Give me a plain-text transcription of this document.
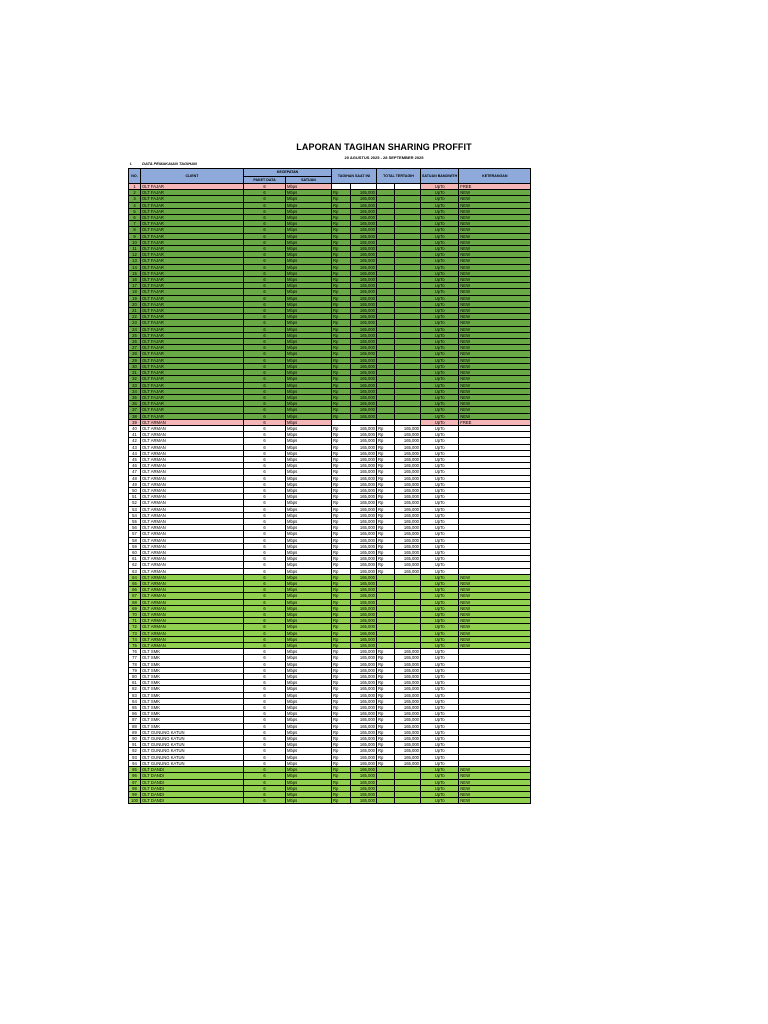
LAPORAN TAGIHAN SHARING PROFFIT
20 AGUSTUS 2025 - 28 SEPTEMBER 2025
I. DATA PEMAKAIAN TAGIHAN
NO.	CLIENT	KECEPATAN		TAGIHAN SAAT INI		TOTAL TERTAGIH		SATUAN BANDWITH	KETERANGAN
		PAKET DATA	SATUAN						
1	OLT FAJAR	6	Mbps					UpTo	FREE
2	OLT FAJAR	6	Mbps	Rp	165,000			UpTo	NEW
3	OLT FAJAR	6	Mbps	Rp	165,000			UpTo	NEW
4	OLT FAJAR	6	Mbps	Rp	165,000			UpTo	NEW
5	OLT FAJAR	6	Mbps	Rp	165,000			UpTo	NEW
6	OLT FAJAR	6	Mbps	Rp	165,000			UpTo	NEW
7	OLT FAJAR	6	Mbps	Rp	165,000			UpTo	NEW
8	OLT FAJAR	6	Mbps	Rp	165,000			UpTo	NEW
9	OLT FAJAR	6	Mbps	Rp	165,000			UpTo	NEW
10	OLT FAJAR	6	Mbps	Rp	165,000			UpTo	NEW
11	OLT FAJAR	6	Mbps	Rp	165,000			UpTo	NEW
12	OLT FAJAR	6	Mbps	Rp	165,000			UpTo	NEW
13	OLT FAJAR	6	Mbps	Rp	165,000			UpTo	NEW
14	OLT FAJAR	6	Mbps	Rp	165,000			UpTo	NEW
15	OLT FAJAR	6	Mbps	Rp	165,000			UpTo	NEW
16	OLT FAJAR	6	Mbps	Rp	165,000			UpTo	NEW
17	OLT FAJAR	6	Mbps	Rp	165,000			UpTo	NEW
18	OLT FAJAR	6	Mbps	Rp	165,000			UpTo	NEW
19	OLT FAJAR	6	Mbps	Rp	165,000			UpTo	NEW
20	OLT FAJAR	6	Mbps	Rp	165,000			UpTo	NEW
21	OLT FAJAR	6	Mbps	Rp	165,000			UpTo	NEW
22	OLT FAJAR	6	Mbps	Rp	165,000			UpTo	NEW
23	OLT FAJAR	6	Mbps	Rp	165,000			UpTo	NEW
24	OLT FAJAR	6	Mbps	Rp	165,000			UpTo	NEW
25	OLT FAJAR	6	Mbps	Rp	165,000			UpTo	NEW
26	OLT FAJAR	6	Mbps	Rp	165,000			UpTo	NEW
27	OLT FAJAR	6	Mbps	Rp	165,000			UpTo	NEW
28	OLT FAJAR	6	Mbps	Rp	165,000			UpTo	NEW
29	OLT FAJAR	6	Mbps	Rp	165,000			UpTo	NEW
30	OLT FAJAR	6	Mbps	Rp	165,000			UpTo	NEW
31	OLT FAJAR	6	Mbps	Rp	165,000			UpTo	NEW
32	OLT FAJAR	6	Mbps	Rp	165,000			UpTo	NEW
33	OLT FAJAR	6	Mbps	Rp	165,000			UpTo	NEW
34	OLT FAJAR	6	Mbps	Rp	165,000			UpTo	NEW
35	OLT FAJAR	6	Mbps	Rp	165,000			UpTo	NEW
36	OLT FAJAR	6	Mbps	Rp	165,000			UpTo	NEW
37	OLT FAJAR	6	Mbps	Rp	165,000			UpTo	NEW
38	OLT FAJAR	6	Mbps	Rp	165,000			UpTo	NEW
39	OLT ARMAN	6	Mbps					UpTo	FREE
40	OLT ARMAN	6	Mbps	Rp	165,000	Rp	165,000	UpTo	
41	OLT ARMAN	6	Mbps	Rp	165,000	Rp	165,000	UpTo	
42	OLT ARMAN	6	Mbps	Rp	165,000	Rp	165,000	UpTo	
43	OLT ARMAN	6	Mbps	Rp	165,000	Rp	165,000	UpTo	
44	OLT ARMAN	6	Mbps	Rp	165,000	Rp	165,000	UpTo	
45	OLT ARMAN	6	Mbps	Rp	165,000	Rp	165,000	UpTo	
46	OLT ARMAN	6	Mbps	Rp	165,000	Rp	165,000	UpTo	
47	OLT ARMAN	6	Mbps	Rp	165,000	Rp	165,000	UpTo	
48	OLT ARMAN	6	Mbps	Rp	165,000	Rp	165,000	UpTo	
49	OLT ARMAN	6	Mbps	Rp	165,000	Rp	165,000	UpTo	
50	OLT ARMAN	6	Mbps	Rp	165,000	Rp	165,000	UpTo	
51	OLT ARMAN	6	Mbps	Rp	165,000	Rp	165,000	UpTo	
52	OLT ARMAN	6	Mbps	Rp	165,000	Rp	165,000	UpTo	
53	OLT ARMAN	6	Mbps	Rp	165,000	Rp	165,000	UpTo	
54	OLT ARMAN	6	Mbps	Rp	165,000	Rp	165,000	UpTo	
55	OLT ARMAN	6	Mbps	Rp	165,000	Rp	165,000	UpTo	
56	OLT ARMAN	6	Mbps	Rp	165,000	Rp	165,000	UpTo	
57	OLT ARMAN	6	Mbps	Rp	165,000	Rp	165,000	UpTo	
58	OLT ARMAN	6	Mbps	Rp	165,000	Rp	165,000	UpTo	
59	OLT ARMAN	6	Mbps	Rp	165,000	Rp	165,000	UpTo	
60	OLT ARMAN	6	Mbps	Rp	165,000	Rp	165,000	UpTo	
61	OLT ARMAN	6	Mbps	Rp	165,000	Rp	165,000	UpTo	
62	OLT ARMAN	6	Mbps	Rp	165,000	Rp	165,000	UpTo	
63	OLT ARMAN	6	Mbps	Rp	165,000	Rp	165,000	UpTo	
64	OLT ARMAN	6	Mbps	Rp	165,000			UpTo	NEW
65	OLT ARMAN	6	Mbps	Rp	165,000			UpTo	NEW
66	OLT ARMAN	6	Mbps	Rp	165,000			UpTo	NEW
67	OLT ARMAN	6	Mbps	Rp	165,000			UpTo	NEW
68	OLT ARMAN	6	Mbps	Rp	165,000			UpTo	NEW
69	OLT ARMAN	6	Mbps	Rp	165,000			UpTo	NEW
70	OLT ARMAN	6	Mbps	Rp	165,000			UpTo	NEW
71	OLT ARMAN	6	Mbps	Rp	165,000			UpTo	NEW
72	OLT ARMAN	6	Mbps	Rp	165,000			UpTo	NEW
73	OLT ARMAN	6	Mbps	Rp	165,000			UpTo	NEW
74	OLT ARMAN	6	Mbps	Rp	165,000			UpTo	NEW
75	OLT ARMAN	6	Mbps	Rp	165,000			UpTo	NEW
76	OLT SMK	6	Mbps	Rp	165,000	Rp	165,000	UpTo	
77	OLT SMK	6	Mbps	Rp	165,000	Rp	165,000	UpTo	
78	OLT SMK	6	Mbps	Rp	165,000	Rp	165,000	UpTo	
79	OLT SMK	6	Mbps	Rp	165,000	Rp	165,000	UpTo	
80	OLT SMK	6	Mbps	Rp	165,000	Rp	165,000	UpTo	
81	OLT SMK	6	Mbps	Rp	165,000	Rp	165,000	UpTo	
82	OLT SMK	6	Mbps	Rp	165,000	Rp	165,000	UpTo	
83	OLT SMK	6	Mbps	Rp	165,000	Rp	165,000	UpTo	
84	OLT SMK	6	Mbps	Rp	165,000	Rp	165,000	UpTo	
85	OLT SMK	6	Mbps	Rp	165,000	Rp	165,000	UpTo	
86	OLT SMK	6	Mbps	Rp	165,000	Rp	165,000	UpTo	
87	OLT SMK	6	Mbps	Rp	165,000	Rp	165,000	UpTo	
88	OLT SMK	6	Mbps	Rp	165,000	Rp	165,000	UpTo	
89	OLT GUNUNG KATUN	6	Mbps	Rp	165,000	Rp	165,000	UpTo	
90	OLT GUNUNG KATUN	6	Mbps	Rp	165,000	Rp	165,000	UpTo	
91	OLT GUNUNG KATUN	6	Mbps	Rp	165,000	Rp	165,000	UpTo	
92	OLT GUNUNG KATUN	6	Mbps	Rp	165,000	Rp	165,000	UpTo	
93	OLT GUNUNG KATUN	6	Mbps	Rp	165,000	Rp	165,000	UpTo	
94	OLT GUNUNG KATUN	6	Mbps	Rp	165,000	Rp	165,000	UpTo	
95	OLT DANDI	6	Mbps	Rp	165,000			UpTo	NEW
96	OLT DANDI	6	Mbps	Rp	165,000			UpTo	NEW
97	OLT DANDI	6	Mbps	Rp	165,000			UpTo	NEW
98	OLT DANDI	6	Mbps	Rp	165,000			UpTo	NEW
99	OLT DANDI	6	Mbps	Rp	165,000			UpTo	NEW
100	OLT DANDI	6	Mbps	Rp	165,000			UpTo	NEW
